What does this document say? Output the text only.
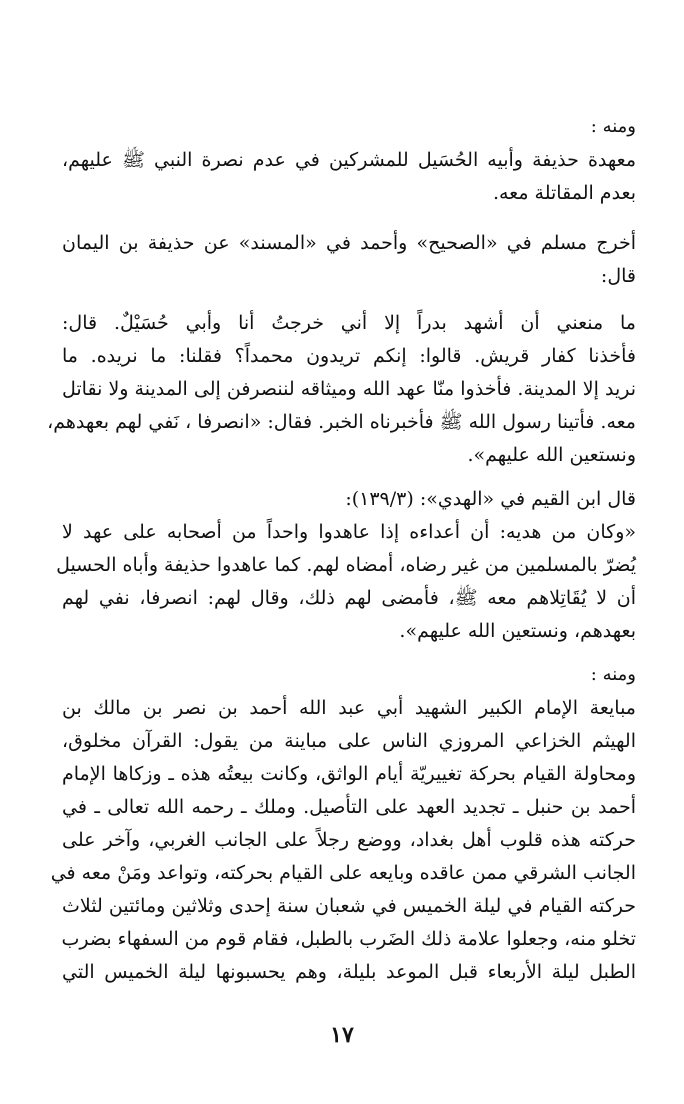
ومنه :
معهدة حذيفة وأبيه الحُسَيل للمشركين في عدم نصرة النبي ﷺ عليهم،
بعدم المقاتلة معه.
أخرج مسلم في «الصحيح» وأحمد في «المسند» عن حذيفة بن اليمان
قال:
ما منعني أن أشهد بدراً إلا أني خرجتُ أنا وأبي حُسَيْلٌ. قال:
فأخذنا كفار قريش. قالوا: إنكم تريدون محمداً؟ فقلنا: ما نريده. ما
نريد إلا المدينة. فأخذوا منّا عهد الله وميثاقه لننصرفن إلى المدينة ولا نقاتل
معه. فأتينا رسول الله ﷺ فأخبرناه الخبر. فقال: «انصرفا ، نَفي لهم بعهدهم،
ونستعين الله عليهم».
قال ابن القيم في «الهدي»: (١٣٩/٣):
«وكان من هديه: أن أعداءه إذا عاهدوا واحداً من أصحابه على عهد لا
يُضرّ بالمسلمين من غير رضاه، أمضاه لهم. كما عاهدوا حذيفة وأباه الحسيل
أن لا يُقَاتِلاهم معه ﷺ، فأمضى لهم ذلك، وقال لهم: انصرفا، نفي لهم
بعهدهم، ونستعين الله عليهم».
ومنه :
مبايعة الإمام الكبير الشهيد أبي عبد الله أحمد بن نصر بن مالك بن
الهيثم الخزاعي المروزي الناس على مباينة من يقول: القرآن مخلوق،
ومحاولة القيام بحركة تغييريّة أيام الواثق، وكانت بيعتُه هذه ـ وزكاها الإمام
أحمد بن حنبل ـ تجديد العهد على التأصيل. وملك ـ رحمه الله تعالى ـ في
حركته هذه قلوب أهل بغداد، ووضع رجلاً على الجانب الغربي، وآخر على
الجانب الشرقي ممن عاقده وبايعه على القيام بحركته، وتواعد ومَنْ معه في
حركته القيام في ليلة الخميس في شعبان سنة إحدى وثلاثين ومائتين لثلاث
تخلو منه، وجعلوا علامة ذلك الضَرب بالطبل، فقام قوم من السفهاء بضرب
الطبل ليلة الأربعاء قبل الموعد بليلة، وهم يحسبونها ليلة الخميس التي
١٧
